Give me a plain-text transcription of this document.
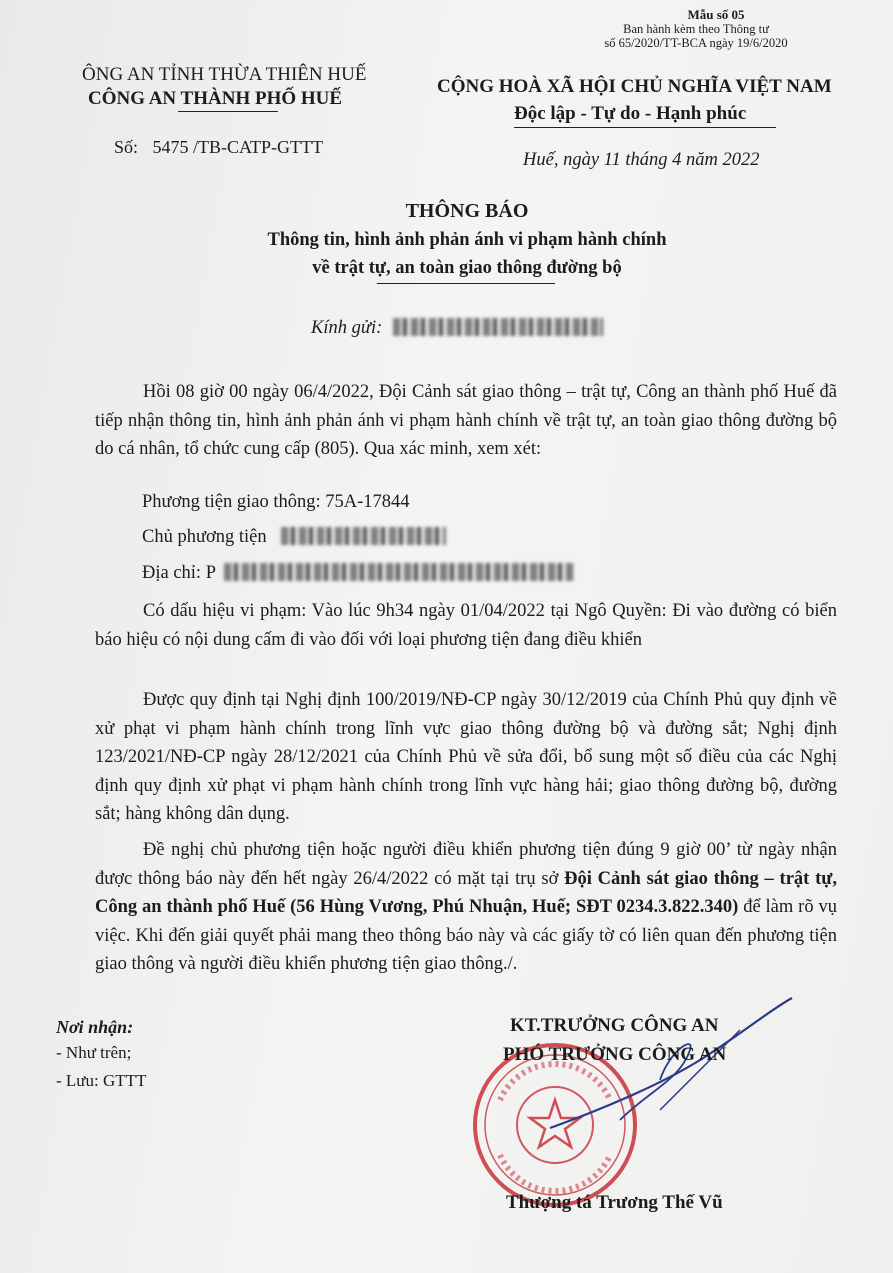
Mẫu số 05
Ban hành kèm theo Thông tư
số 65/2020/TT-BCA ngày 19/6/2020
ÔNG AN TỈNH THỪA THIÊN HUẾ
CÔNG AN THÀNH PHỐ HUẾ
Số: 5475 /TB-CATP-GTTT
CỘNG HOÀ XÃ HỘI CHỦ NGHĨA VIỆT NAM
Độc lập - Tự do - Hạnh phúc
Huế, ngày 11 tháng 4 năm 2022
THÔNG BÁO
Thông tin, hình ảnh phản ánh vi phạm hành chính
về trật tự, an toàn giao thông đường bộ
Kính gửi:

Hồi 08 giờ 00 ngày 06/4/2022, Đội Cảnh sát giao thông – trật tự, Công an thành phố Huế đã tiếp nhận thông tin, hình ảnh phản ánh vi phạm hành chính về trật tự, an toàn giao thông đường bộ do cá nhân, tổ chức cung cấp (805). Qua xác minh, xem xét:

Phương tiện giao thông: 75A-17844
Chủ phương tiện
Địa chỉ: P

Có dấu hiệu vi phạm: Vào lúc 9h34 ngày 01/04/2022 tại Ngô Quyền: Đi vào đường có biển báo hiệu có nội dung cấm đi vào đối với loại phương tiện đang điều khiển

Được quy định tại Nghị định 100/2019/NĐ-CP ngày 30/12/2019 của Chính Phủ quy định về xử phạt vi phạm hành chính trong lĩnh vực giao thông đường bộ và đường sắt; Nghị định 123/2021/NĐ-CP ngày 28/12/2021 của Chính Phủ về sửa đổi, bổ sung một số điều của các Nghị định quy định xử phạt vi phạm hành chính trong lĩnh vực hàng hải; giao thông đường bộ, đường sắt; hàng không dân dụng.

Đề nghị chủ phương tiện hoặc người điều khiển phương tiện đúng 9 giờ 00’ từ ngày nhận được thông báo này đến hết ngày 26/4/2022 có mặt tại trụ sở Đội Cảnh sát giao thông – trật tự, Công an thành phố Huế (56 Hùng Vương, Phú Nhuận, Huế; SĐT 0234.3.822.340) để làm rõ vụ việc. Khi đến giải quyết phải mang theo thông báo này và các giấy tờ có liên quan đến phương tiện giao thông và người điều khiển phương tiện giao thông./.

Nơi nhận:
- Như trên;
- Lưu: GTTT
KT.TRƯỞNG CÔNG AN
PHÓ TRƯỞNG CÔNG AN
Thượng tá Trương Thế Vũ
